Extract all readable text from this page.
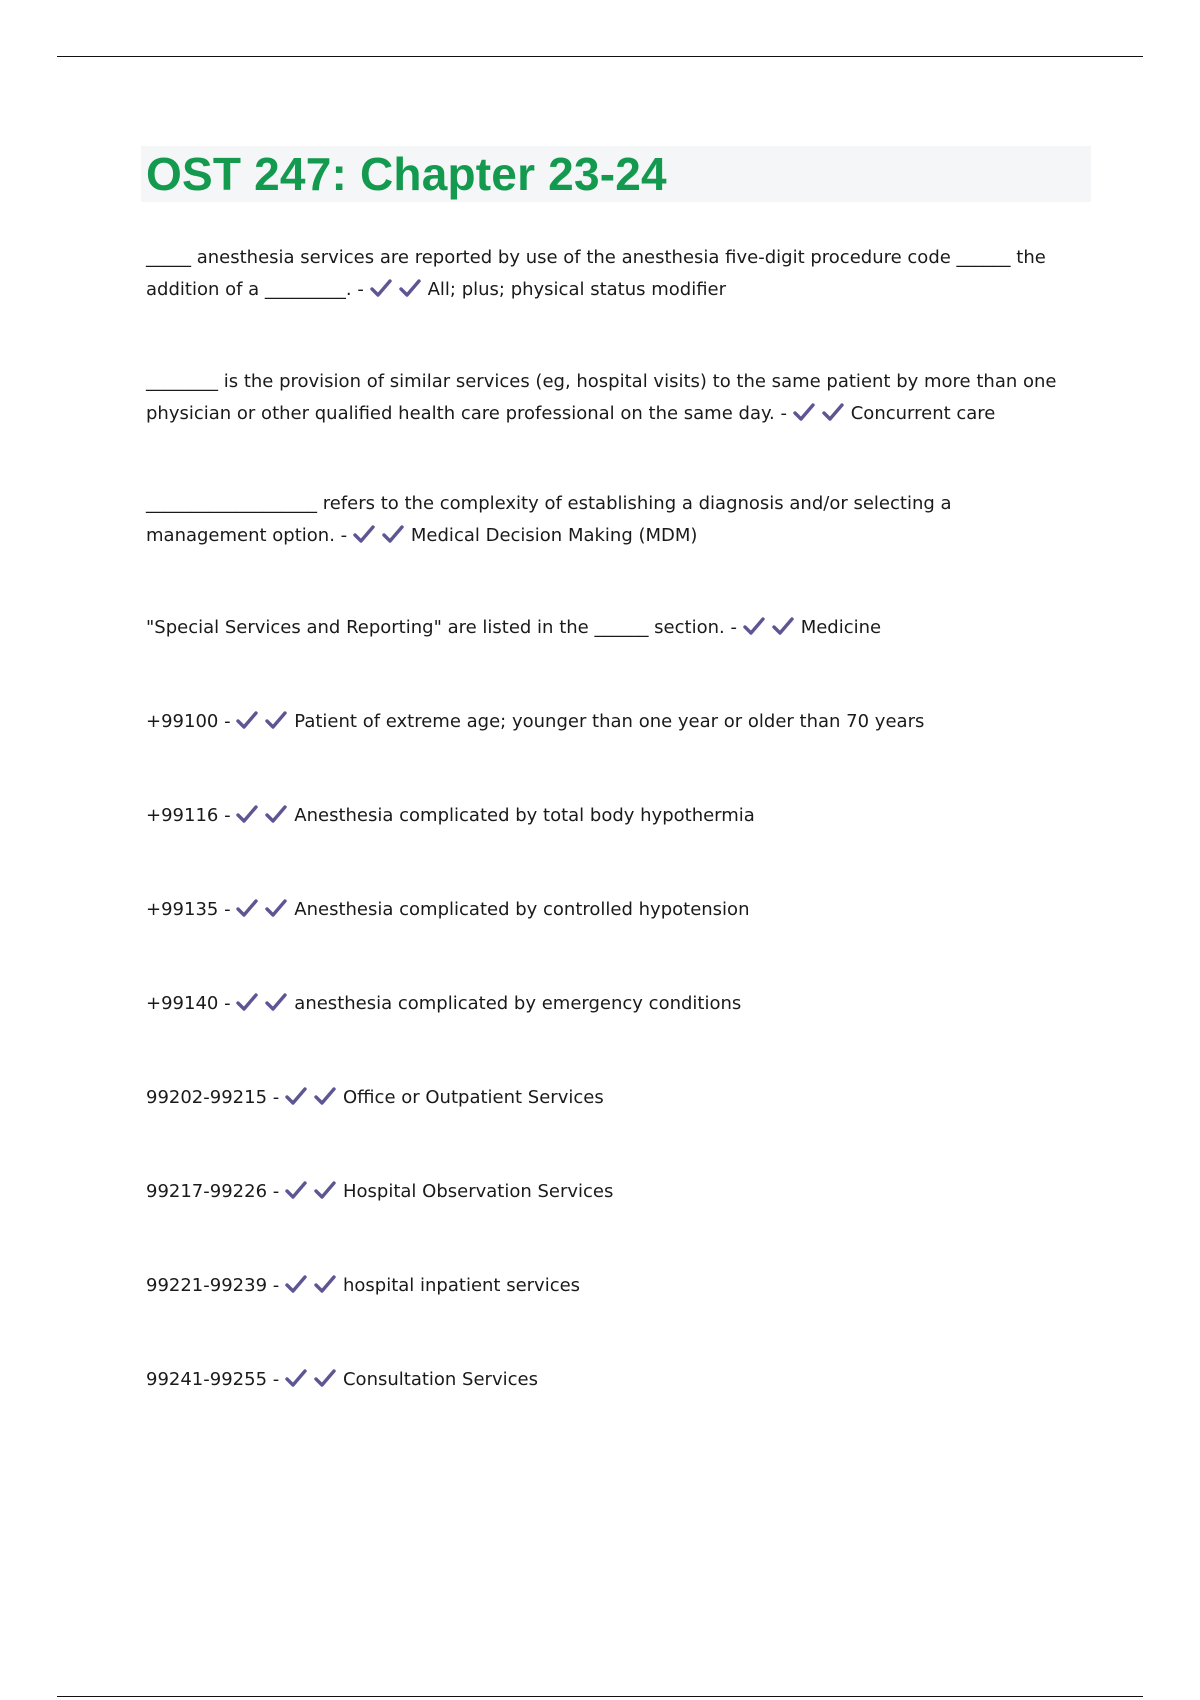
OST 247: Chapter 23-24

_____ anesthesia services are reported by use of the anesthesia five-digit procedure code ______ the addition of a _________. -	All; plus; physical status modifier

________ is the provision of similar services (eg, hospital visits) to the same patient by more than one physician or other qualified health care professional on the same day. -	Concurrent care

___________________ refers to the complexity of establishing a diagnosis and/or selecting a management option. -	Medical Decision Making (MDM)

"Special Services and Reporting" are listed in the ______ section. -	Medicine

+99100 -	Patient of extreme age; younger than one year or older than 70 years

+99116 -	Anesthesia complicated by total body hypothermia

+99135 -	Anesthesia complicated by controlled hypotension

+99140 -	anesthesia complicated by emergency conditions

99202-99215 -	Office or Outpatient Services

99217-99226 -	Hospital Observation Services

99221-99239 -	hospital inpatient services

99241-99255 -	Consultation Services
